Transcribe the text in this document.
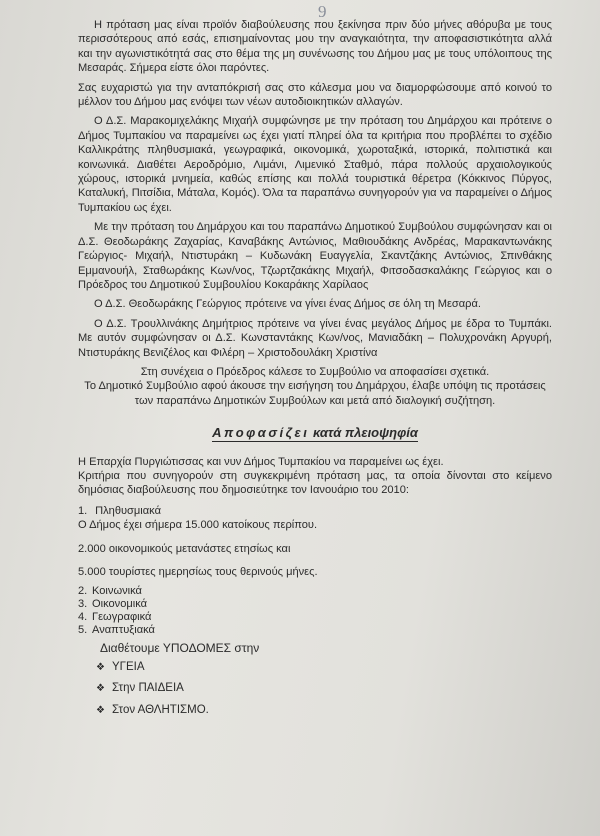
9

Η πρόταση μας είναι προϊόν διαβούλευσης που ξεκίνησα πριν δύο μήνες αθόρυβα με τους περισσότερους από εσάς, επισημαίνοντας μου την αναγκαιότητα, την αποφασιστικότητα αλλά και την αγωνιστικότητά σας στο θέμα της μη συνένωσης του Δήμου μας με τους υπόλοιπους της Μεσαράς. Σήμερα είστε όλοι παρόντες.

Σας ευχαριστώ για την ανταπόκρισή σας στο κάλεσμα μου να διαμορφώσουμε από κοινού το μέλλον του Δήμου μας ενόψει των νέων αυτοδιοικητικών αλλαγών.

Ο Δ.Σ. Μαρακομιχελάκης Μιχαήλ συμφώνησε με την πρόταση του Δημάρχου και πρότεινε ο Δήμος Τυμπακίου να παραμείνει ως έχει γιατί πληρεί όλα τα κριτήρια που προβλέπει το σχέδιο Καλλικράτης πληθυσμιακά, γεωγραφικά, οικονομικά, χωροταξικά, ιστορικά, πολιτιστικά και κοινωνικά. Διαθέτει Αεροδρόμιο, Λιμάνι, Λιμενικό Σταθμό, πάρα πολλούς αρχαιολογικούς χώρους, ιστορικά μνημεία, καθώς επίσης και πολλά τουριστικά θέρετρα (Κόκκινος Πύργος, Καταλυκή, Πιτσίδια, Μάταλα, Κομός). Όλα τα παραπάνω συνηγορούν για να παραμείνει ο Δήμος Τυμπακίου ως έχει.

Με την πρόταση του Δημάρχου και του παραπάνω Δημοτικού Συμβούλου συμφώνησαν και οι Δ.Σ. Θεοδωράκης Ζαχαρίας, Καναβάκης Αντώνιος, Μαθιουδάκης Ανδρέας, Μαρακαντωνάκης Γεώργιος- Μιχαήλ, Ντιστυράκη – Κυδωνάκη Ευαγγελία, Σκαντζάκης Αντώνιος, Σπινθάκης Εμμανουήλ, Σταθωράκης Κων/νος, Τζωρτζακάκης Μιχαήλ, Φιτσοδασκαλάκης Γεώργιος και ο Πρόεδρος του Δημοτικού Συμβουλίου Κοκαράκης Χαρίλαος

Ο Δ.Σ. Θεοδωράκης Γεώργιος πρότεινε να γίνει ένας Δήμος σε όλη τη Μεσαρά.

Ο Δ.Σ. Τρουλλινάκης Δημήτριος πρότεινε να γίνει ένας μεγάλος Δήμος με έδρα το Τυμπάκι. Με αυτόν συμφώνησαν οι Δ.Σ. Κωνσταντάκης Κων/νος, Μανιαδάκη – Πολυχρονάκη Αργυρή, Ντιστυράκης Βενιζέλος και Φιλέρη – Χριστοδουλάκη Χριστίνα

Στη συνέχεια ο Πρόεδρος κάλεσε το Συμβούλιο να αποφασίσει σχετικά.

Το Δημοτικό Συμβούλιο αφού άκουσε την εισήγηση του Δημάρχου, έλαβε υπόψη τις προτάσεις των παραπάνω Δημοτικών Συμβούλων και μετά από διαλογική συζήτηση.

Αποφασίζει κατά πλειοψηφία

Η Επαρχία Πυργιώτισσας και νυν Δήμος Τυμπακίου να παραμείνει ως έχει.

Κριτήρια που συνηγορούν στη συγκεκριμένη πρόταση μας, τα οποία δίνονται στο κείμενο δημόσιας διαβούλευσης που δημοσιεύτηκε τον Ιανουάριο του 2010:

1. Πληθυσμιακά
Ο Δήμος έχει σήμερα 15.000 κατοίκους περίπου.
2.000 οικονομικούς μετανάστες ετησίως και
5.000 τουρίστες ημερησίως τους θερινούς μήνες.
2. Κοινωνικά
3. Οικονομικά
4. Γεωγραφικά
5. Αναπτυξιακά
Διαθέτουμε ΥΠΟΔΟΜΕΣ στην
❖ ΥΓΕΙΑ
❖ Στην ΠΑΙΔΕΙΑ
❖ Στον ΑΘΛΗΤΙΣΜΟ.
